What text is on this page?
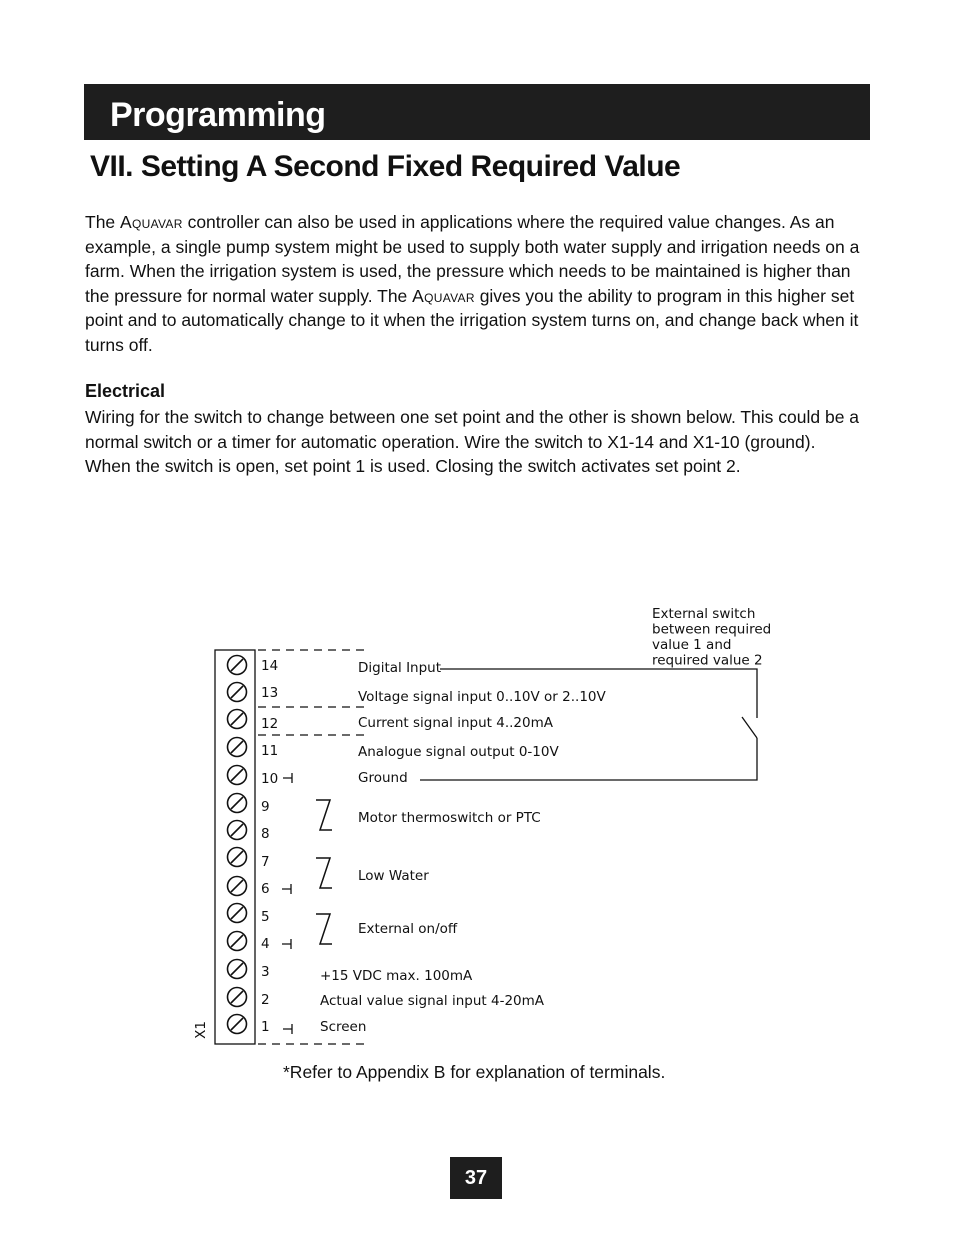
Programming
VII. Setting A Second Fixed Required Value
The Aquavar controller can also be used in applications where the required value changes. As an example, a single pump system might be used to supply both water supply and irrigation needs on a farm. When the irrigation system is used, the pressure which needs to be maintained is higher than the pressure for normal water supply. The Aquavar gives you the ability to program in this higher set point and to automatically change to it when the irrigation system turns on, and change back when it turns off.
Electrical
Wiring for the switch to change between one set point and the other is shown below. This could be a normal switch or a timer for automatic operation. Wire the switch to X1-14 and X1-10 (ground). When the switch is open, set point 1 is used. Closing the switch activates set point 2.
14
13
12
11
10
9
8
7
6
5
4
3
2
1
X1
Digital Input
Voltage signal input 0..10V or 2..10V
Current signal input 4..20mA
Analogue signal output 0-10V
Ground
Motor thermoswitch or PTC
Low Water
External on/off
+15 VDC max. 100mA
Actual value signal input 4-20mA
Screen
External switch
between required
value 1 and
required value 2
*Refer to Appendix B for explanation of terminals.
37
